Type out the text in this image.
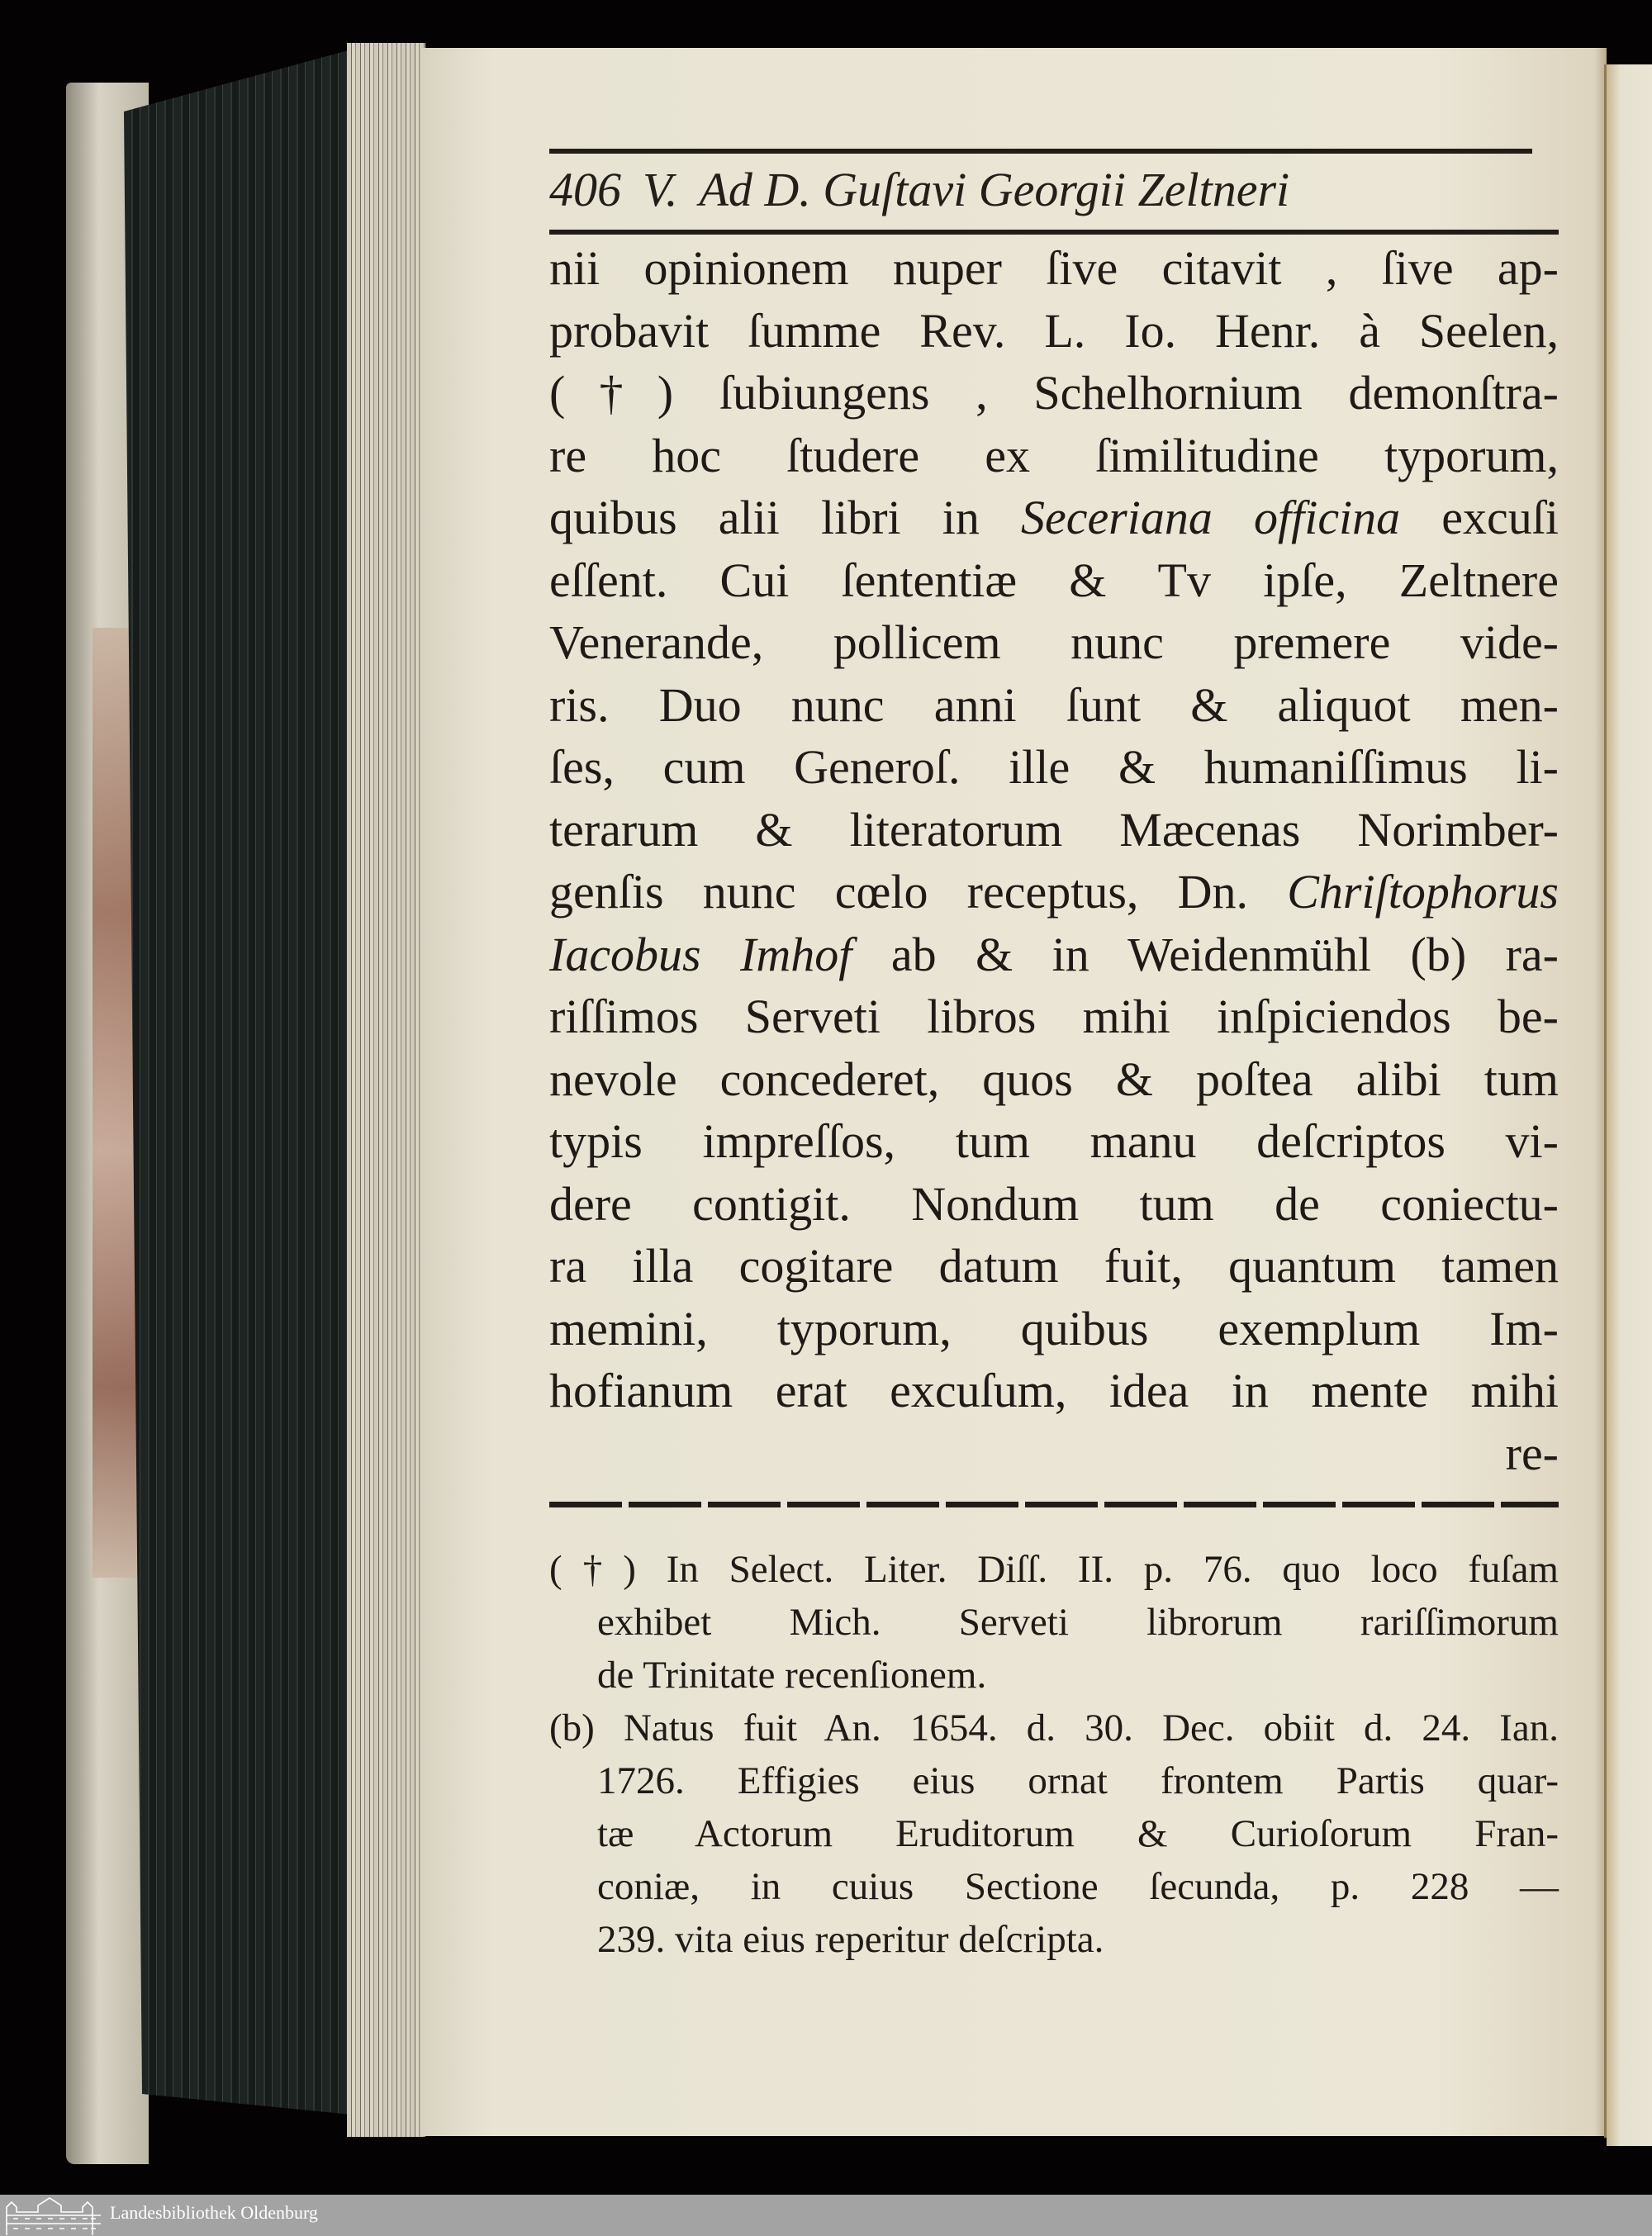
406 V. Ad D. Guſtavi Georgii Zeltneri
nii opinionem nuper ſive citavit , ſive ap-
probavit ſumme Rev. L. Io. Henr. à Seelen,
(†) ſubiungens , Schelhornium demonſtra-
re hoc ſtudere ex ſimilitudine typorum,
quibus alii libri in Seceriana officina excuſi
eſſent. Cui ſententiæ & Tv ipſe, Zeltnere
Venerande, pollicem nunc premere vide-
ris. Duo nunc anni ſunt & aliquot men-
ſes, cum Generoſ. ille & humaniſſimus li-
terarum & literatorum Mæcenas Norimber-
genſis nunc cœlo receptus, Dn. Chriſtophorus
Iacobus Imhof ab & in Weidenmühl (b) ra-
riſſimos Serveti libros mihi inſpiciendos be-
nevole concederet, quos & poſtea alibi tum
typis impreſſos, tum manu deſcriptos vi-
dere contigit. Nondum tum de coniectu-
ra illa cogitare datum fuit, quantum tamen
memini, typorum, quibus exemplum Im-
hofianum erat excuſum, idea in mente mihi
re-
(†) In Select. Liter. Diſſ. II. p. 76. quo loco fuſam
exhibet Mich. Serveti librorum rariſſimorum
de Trinitate recenſionem.
(b) Natus fuit An. 1654. d. 30. Dec. obiit d. 24. Ian.
1726. Effigies eius ornat frontem Partis quar-
tæ Actorum Eruditorum & Curioſorum Fran-
coniæ, in cuius Sectione ſecunda, p. 228 —
239. vita eius reperitur deſcripta.
Landesbibliothek Oldenburg
